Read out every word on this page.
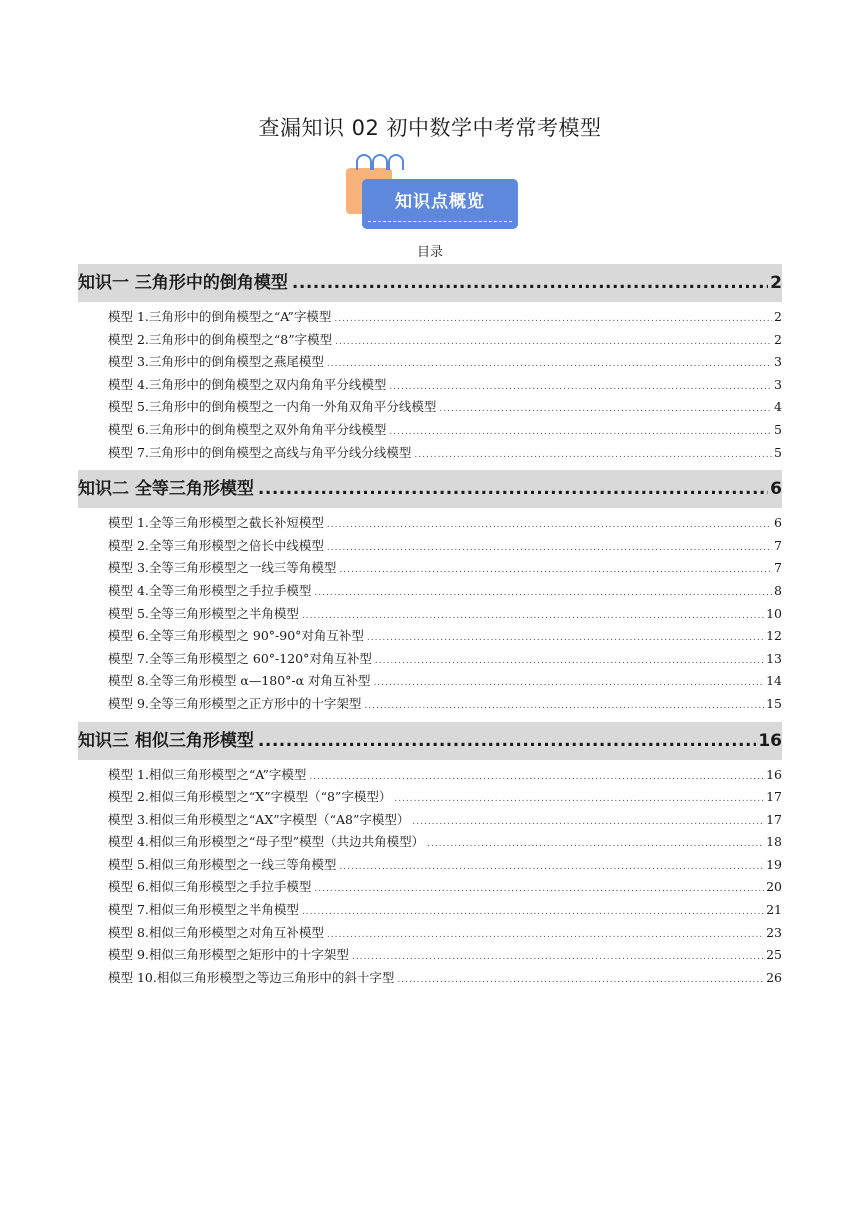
查漏知识 02 初中数学中考常考模型
知识点概览
目录
知识一 三角形中的倒角模型 .....	2
模型 1.三角形中的倒角模型之“A”字模型 .....	2
模型 2.三角形中的倒角模型之“8”字模型 .....	2
模型 3.三角形中的倒角模型之燕尾模型 .....	3
模型 4.三角形中的倒角模型之双内角角平分线模型 .....	3
模型 5.三角形中的倒角模型之一内角一外角双角平分线模型 .....	4
模型 6.三角形中的倒角模型之双外角角平分线模型 .....	5
模型 7.三角形中的倒角模型之高线与角平分线分线模型 .....	5
知识二 全等三角形模型 .....	6
模型 1.全等三角形模型之截长补短模型 .....	6
模型 2.全等三角形模型之倍长中线模型 .....	7
模型 3.全等三角形模型之一线三等角模型 .....	7
模型 4.全等三角形模型之手拉手模型 .....	8
模型 5.全等三角形模型之半角模型 .....	10
模型 6.全等三角形模型之 90°-90°对角互补型 .....	12
模型 7.全等三角形模型之 60°-120°对角互补型 .....	13
模型 8.全等三角形模型 α—180°-α 对角互补型 .....	14
模型 9.全等三角形模型之正方形中的十字架型 .....	15
知识三 相似三角形模型 .....	16
模型 1.相似三角形模型之“A”字模型 .....	16
模型 2.相似三角形模型之“X”字模型（“8”字模型） .....	17
模型 3.相似三角形模型之“AX”字模型（“A8”字模型） .....	17
模型 4.相似三角形模型之“母子型”模型（共边共角模型） .....	18
模型 5.相似三角形模型之一线三等角模型 .....	19
模型 6.相似三角形模型之手拉手模型 .....	20
模型 7.相似三角形模型之半角模型 .....	21
模型 8.相似三角形模型之对角互补模型 .....	23
模型 9.相似三角形模型之矩形中的十字架型 .....	25
模型 10.相似三角形模型之等边三角形中的斜十字型 .....	26
